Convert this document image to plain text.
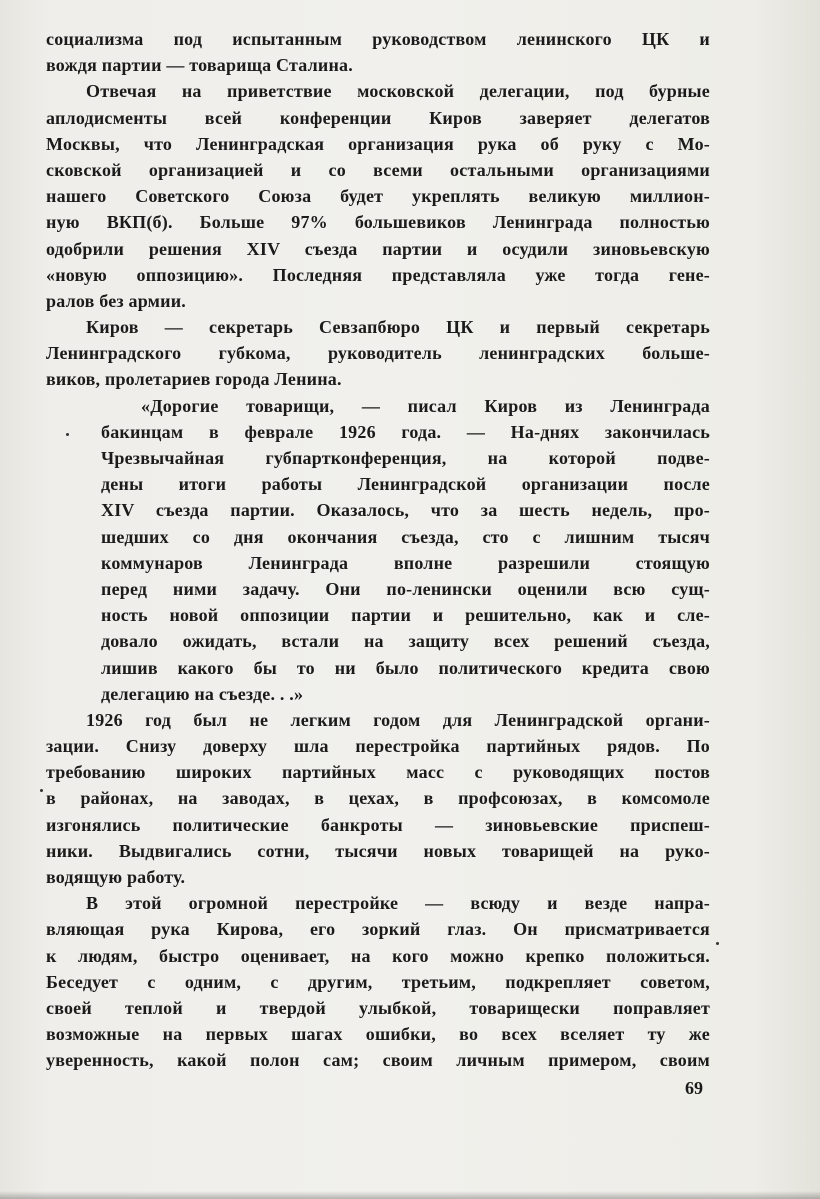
социализма под испытанным руководством ленинского ЦК и
вождя партии — товарища Сталина.
Отвечая на приветствие московской делегации, под бурные
аплодисменты всей конференции Киров заверяет делегатов
Москвы, что Ленинградская организация рука об руку с Мо-
сковской организацией и со всеми остальными организациями
нашего Советского Союза будет укреплять великую миллион-
ную ВКП(б). Больше 97% большевиков Ленинграда полностью
одобрили решения XIV съезда партии и осудили зиновьевскую
«новую оппозицию». Последняя представляла уже тогда гене-
ралов без армии.
Киров — секретарь Севзапбюро ЦК и первый секретарь
Ленинградского губкома, руководитель ленинградских больше-
виков, пролетариев города Ленина.
«Дорогие товарищи, — писал Киров из Ленинграда
бакинцам в феврале 1926 года. — На-днях закончилась
Чрезвычайная губпартконференция, на которой подве-
дены итоги работы Ленинградской организации после
XIV съезда партии. Оказалось, что за шесть недель, про-
шедших со дня окончания съезда, сто с лишним тысяч
коммунаров Ленинграда вполне разрешили стоящую
перед ними задачу. Они по-ленински оценили всю сущ-
ность новой оппозиции партии и решительно, как и сле-
довало ожидать, встали на защиту всех решений съезда,
лишив какого бы то ни было политического кредита свою
делегацию на съезде. . .»
1926 год был не легким годом для Ленинградской органи-
зации. Снизу доверху шла перестройка партийных рядов. По
требованию широких партийных масс с руководящих постов
в районах, на заводах, в цехах, в профсоюзах, в комсомоле
изгонялись политические банкроты — зиновьевские приспеш-
ники. Выдвигались сотни, тысячи новых товарищей на руко-
водящую работу.
В этой огромной перестройке — всюду и везде напра-
вляющая рука Кирова, его зоркий глаз. Он присматривается
к людям, быстро оценивает, на кого можно крепко положиться.
Беседует с одним, с другим, третьим, подкрепляет советом,
своей теплой и твердой улыбкой, товарищески поправляет
возможные на первых шагах ошибки, во всех вселяет ту же
уверенность, какой полон сам; своим личным примером, своим
69
